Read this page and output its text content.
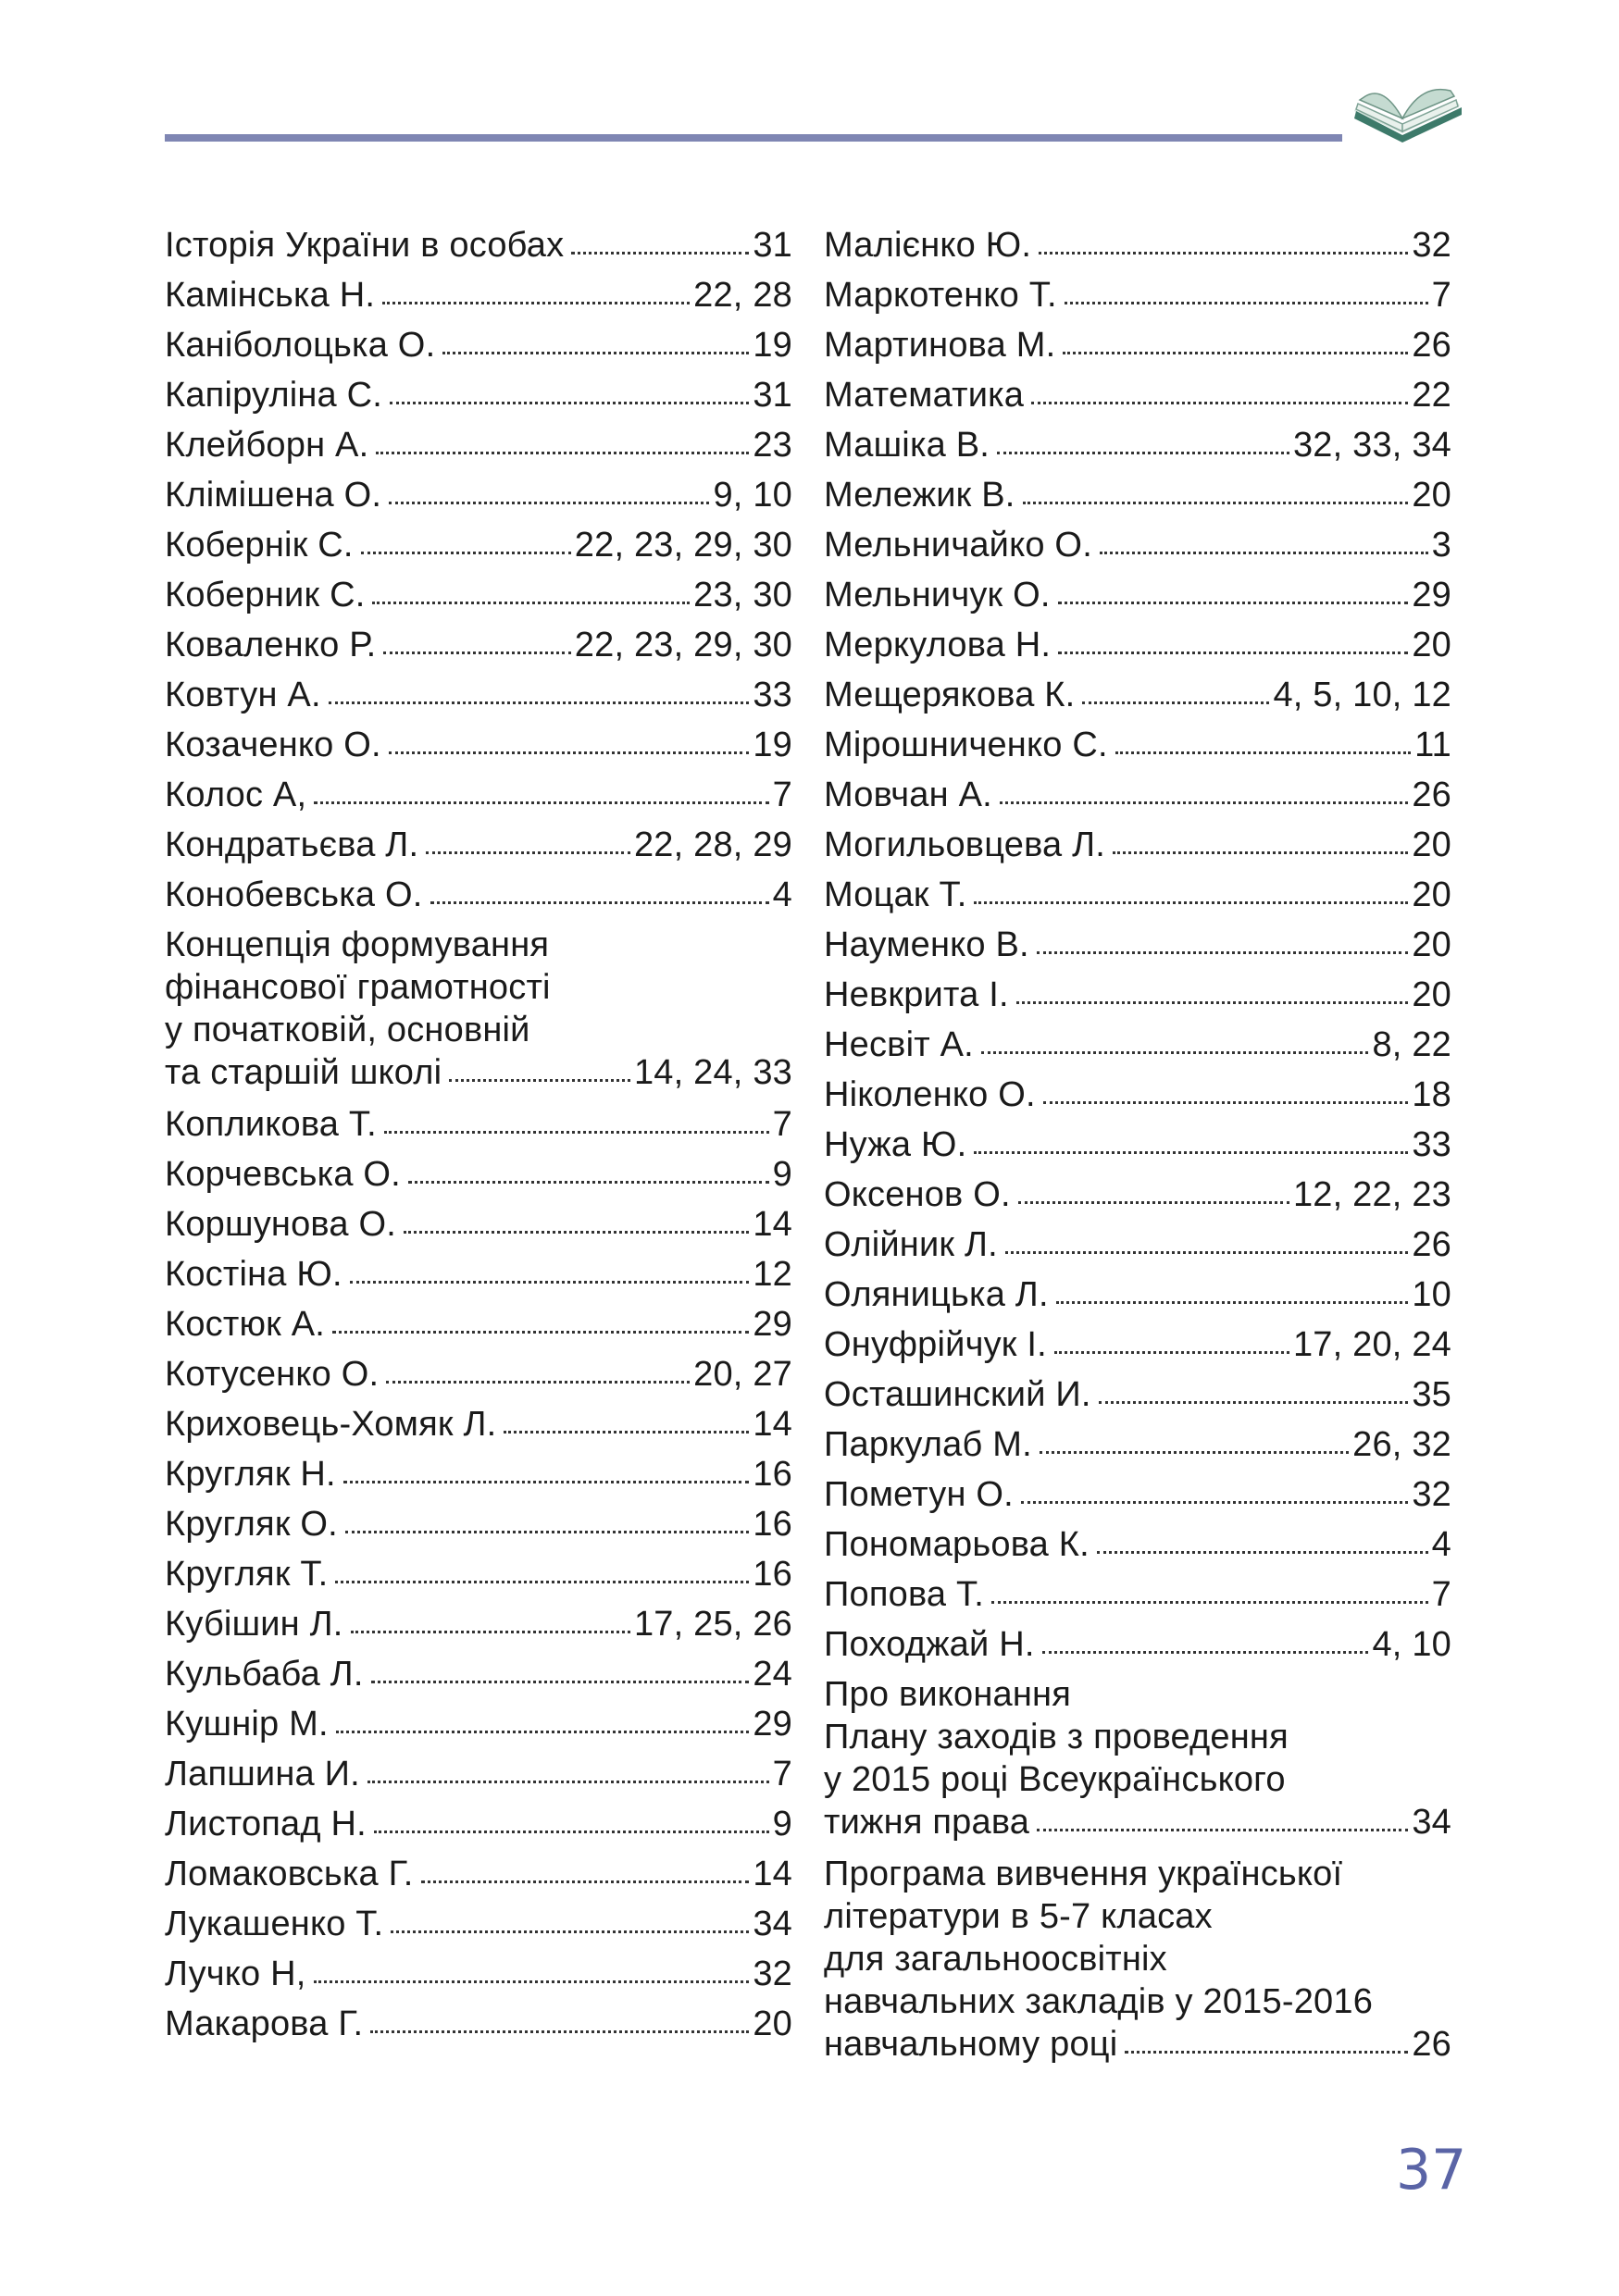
Історія України в особах	31
Камінська Н.	22, 28
Каніболоцька О.	19
Капіруліна С.	31
Клейборн А.	23
Клімішена О.	9, 10
Кобернік С.	22, 23, 29, 30
Коберник С.	23, 30
Коваленко Р.	22, 23, 29, 30
Ковтун А.	33
Козаченко О.	19
Колос А,	7
Кондратьєва Л.	22, 28, 29
Конобевська О.	4
Концепція формування
фінансової грамотності
у початковій, основній
та старшій школі	14, 24, 33
Копликова Т.	7
Корчевська О.	9
Коршунова О.	14
Костіна Ю.	12
Костюк А.	29
Котусенко О.	20, 27
Криховець-Хомяк Л.	14
Кругляк Н.	16
Кругляк О.	16
Кругляк Т.	16
Кубішин Л.	17, 25, 26
Кульбаба Л.	24
Кушнір М.	29
Лапшина И.	7
Листопад Н.	9
Ломаковська Г.	14
Лукашенко Т.	34
Лучко Н,	32
Макарова Г.	20
Малієнко Ю.	32
Маркотенко Т.	7
Мартинова М.	26
Математика	22
Машіка В.	32, 33, 34
Мележик В.	20
Мельничайко О.	3
Мельничук О.	29
Меркулова Н.	20
Мещерякова К.	4, 5, 10, 12
Мірошниченко С.	11
Мовчан А.	26
Могильовцева Л.	20
Моцак Т.	20
Науменко В.	20
Невкрита І.	20
Несвіт А.	8, 22
Ніколенко О.	18
Нужа Ю.	33
Оксенов О.	12, 22, 23
Олійник Л.	26
Оляницька Л.	10
Онуфрійчук І.	17, 20, 24
Осташинский И.	35
Паркулаб М.	26, 32
Пометун О.	32
Пономарьова К.	4
Попова Т.	7
Походжай Н.	4, 10
Про виконання
Плану заходів з проведення
у 2015 році Всеукраїнського
тижня права	34
Програма вивчення української
літератури в 5-7 класах
для загальноосвітніх
навчальних закладів у 2015-2016
навчальному році	26
37
